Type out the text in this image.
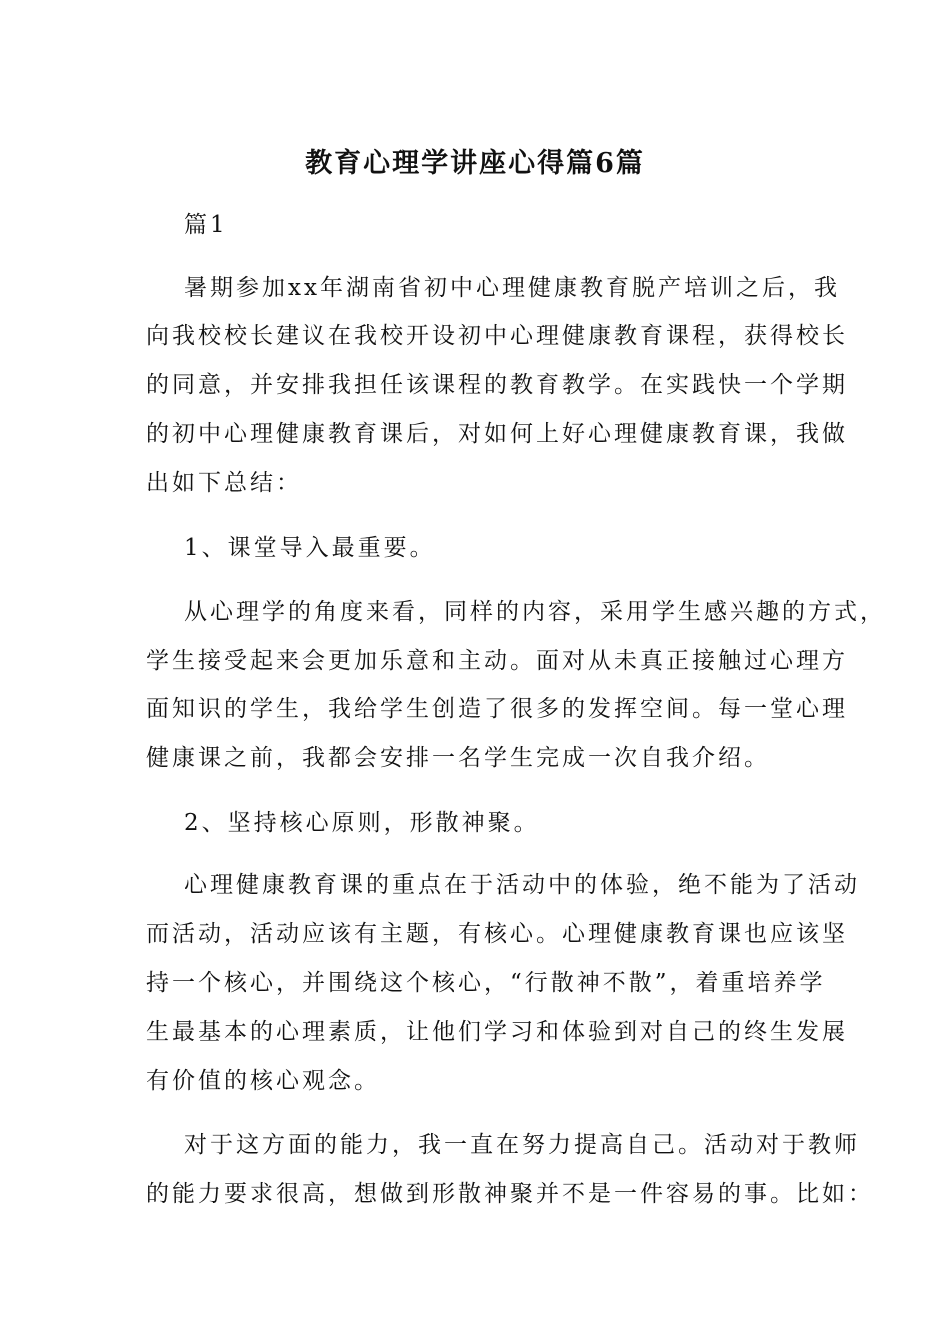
教育心理学讲座心得篇6篇
篇1
暑期参加xx年湖南省初中心理健康教育脱产培训之后，我
向我校校长建议在我校开设初中心理健康教育课程，获得校长
的同意，并安排我担任该课程的教育教学。在实践快一个学期
的初中心理健康教育课后，对如何上好心理健康教育课，我做
出如下总结：
1、课堂导入最重要。
从心理学的角度来看，同样的内容，采用学生感兴趣的方式，
学生接受起来会更加乐意和主动。面对从未真正接触过心理方
面知识的学生，我给学生创造了很多的发挥空间。每一堂心理
健康课之前，我都会安排一名学生完成一次自我介绍。
2、坚持核心原则，形散神聚。
心理健康教育课的重点在于活动中的体验，绝不能为了活动
而活动，活动应该有主题，有核心。心理健康教育课也应该坚
持一个核心，并围绕这个核心，“行散神不散”，着重培养学
生最基本的心理素质，让他们学习和体验到对自己的终生发展
有价值的核心观念。
对于这方面的能力，我一直在努力提高自己。活动对于教师
的能力要求很高，想做到形散神聚并不是一件容易的事。比如：
